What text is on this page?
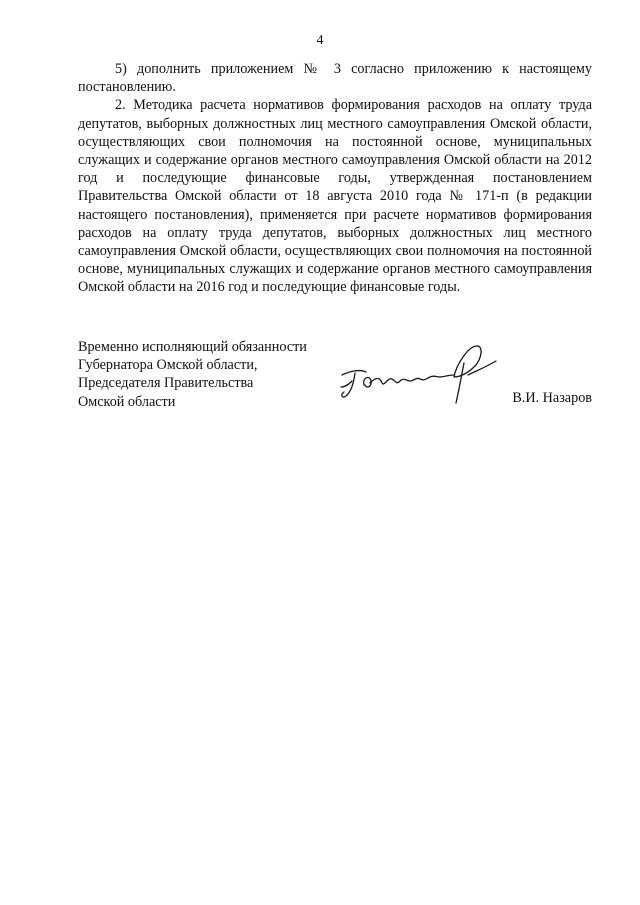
4

5) дополнить приложением № 3 согласно приложению к настоящему постановлению.

2. Методика расчета нормативов формирования расходов на оплату труда депутатов, выборных должностных лиц местного самоуправления Омской области, осуществляющих свои полномочия на постоянной основе, муниципальных служащих и содержание органов местного самоуправления Омской области на 2012 год и последующие финансовые годы, утвержденная постановлением Правительства Омской области от 18 августа 2010 года № 171-п (в редакции настоящего постановления), применяется при расчете нормативов формирования расходов на оплату труда депутатов, выборных должностных лиц местного самоуправления Омской области, осуществляющих свои полномочия на постоянной основе, муниципальных служащих и содержание органов местного самоуправления Омской области на 2016 год и последующие финансовые годы.

Временно исполняющий обязанности
Губернатора Омской области,
Председателя Правительства
Омской области	В.И. Назаров
